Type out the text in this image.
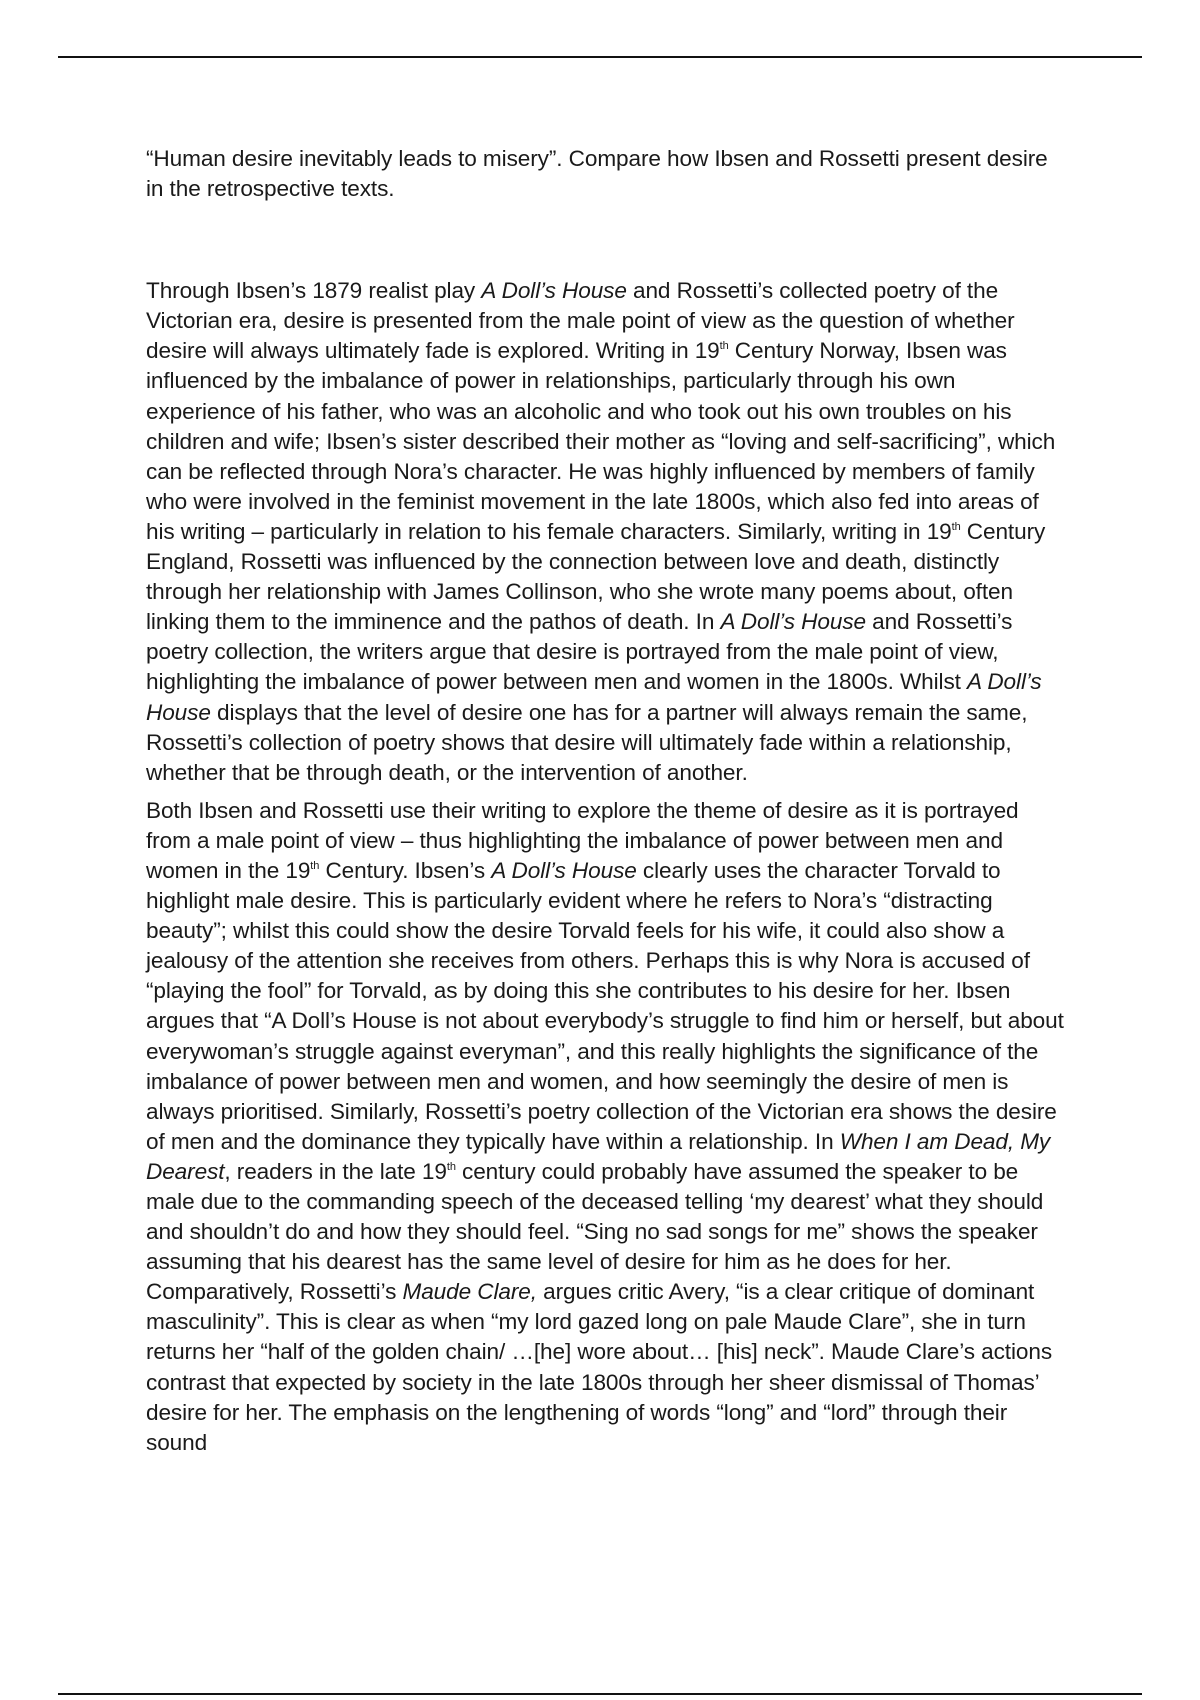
“Human desire inevitably leads to misery”. Compare how Ibsen and Rossetti present desire in the retrospective texts.

Through Ibsen’s 1879 realist play A Doll’s House and Rossetti’s collected poetry of the Victorian era, desire is presented from the male point of view as the question of whether desire will always ultimately fade is explored. Writing in 19th Century Norway, Ibsen was influenced by the imbalance of power in relationships, particularly through his own experience of his father, who was an alcoholic and who took out his own troubles on his children and wife; Ibsen’s sister described their mother as “loving and self-sacrificing”, which can be reflected through Nora’s character. He was highly influenced by members of family who were involved in the feminist movement in the late 1800s, which also fed into areas of his writing – particularly in relation to his female characters. Similarly, writing in 19th Century England, Rossetti was influenced by the connection between love and death, distinctly through her relationship with James Collinson, who she wrote many poems about, often linking them to the imminence and the pathos of death. In A Doll’s House and Rossetti’s poetry collection, the writers argue that desire is portrayed from the male point of view, highlighting the imbalance of power between men and women in the 1800s. Whilst A Doll’s House displays that the level of desire one has for a partner will always remain the same, Rossetti’s collection of poetry shows that desire will ultimately fade within a relationship, whether that be through death, or the intervention of another.

Both Ibsen and Rossetti use their writing to explore the theme of desire as it is portrayed from a male point of view – thus highlighting the imbalance of power between men and women in the 19th Century. Ibsen’s A Doll’s House clearly uses the character Torvald to highlight male desire. This is particularly evident where he refers to Nora’s “distracting beauty”; whilst this could show the desire Torvald feels for his wife, it could also show a jealousy of the attention she receives from others. Perhaps this is why Nora is accused of “playing the fool” for Torvald, as by doing this she contributes to his desire for her. Ibsen argues that “A Doll’s House is not about everybody’s struggle to find him or herself, but about everywoman’s struggle against everyman”, and this really highlights the significance of the imbalance of power between men and women, and how seemingly the desire of men is always prioritised. Similarly, Rossetti’s poetry collection of the Victorian era shows the desire of men and the dominance they typically have within a relationship. In When I am Dead, My Dearest, readers in the late 19th century could probably have assumed the speaker to be male due to the commanding speech of the deceased telling ‘my dearest’ what they should and shouldn’t do and how they should feel. “Sing no sad songs for me” shows the speaker assuming that his dearest has the same level of desire for him as he does for her. Comparatively, Rossetti’s Maude Clare, argues critic Avery, “is a clear critique of dominant masculinity”. This is clear as when “my lord gazed long on pale Maude Clare”, she in turn returns her “half of the golden chain/ …[he] wore about… [his] neck”. Maude Clare’s actions contrast that expected by society in the late 1800s through her sheer dismissal of Thomas’ desire for her. The emphasis on the lengthening of words “long” and “lord” through their sound
